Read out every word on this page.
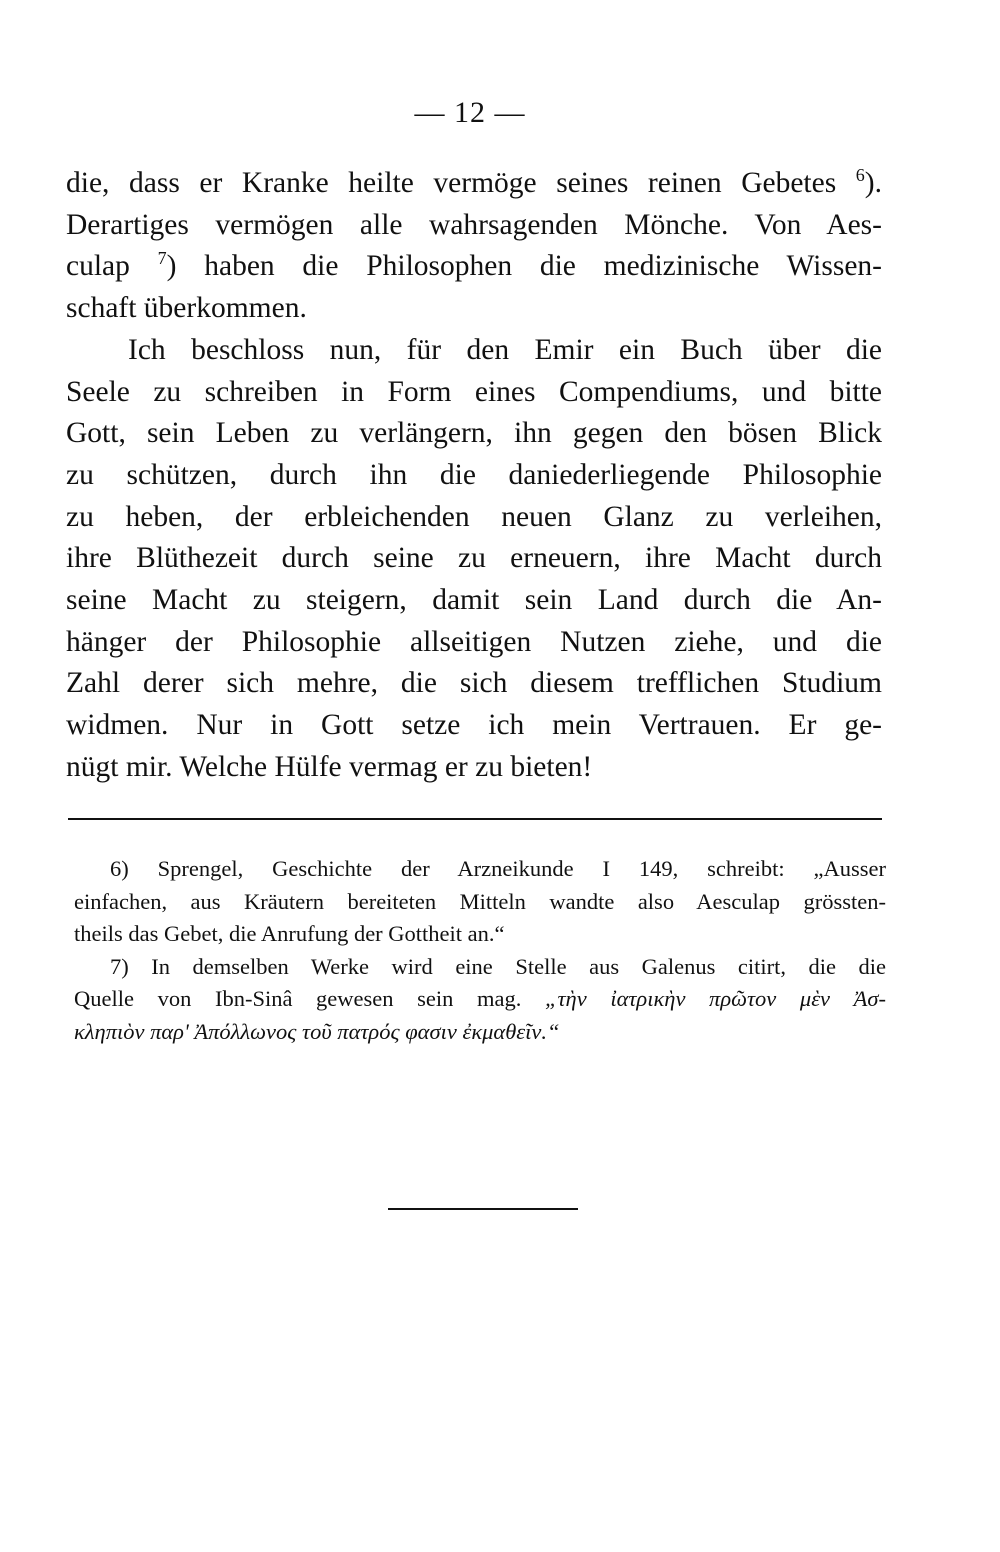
— 12 —
die, dass er Kranke heilte vermöge seines reinen Gebetes $^6$).
Derartiges vermögen alle wahrsagenden Mönche. Von Aes-
culap $^7$) haben die Philosophen die medizinische Wissen-
schaft überkommen.
Ich beschloss nun, für den Emir ein Buch über die
Seele zu schreiben in Form eines Compendiums, und bitte
Gott, sein Leben zu verlängern, ihn gegen den bösen Blick
zu schützen, durch ihn die daniederliegende Philosophie
zu heben, der erbleichenden neuen Glanz zu verleihen,
ihre Blüthezeit durch seine zu erneuern, ihre Macht durch
seine Macht zu steigern, damit sein Land durch die An-
hänger der Philosophie allseitigen Nutzen ziehe, und die
Zahl derer sich mehre, die sich diesem trefflichen Studium
widmen. Nur in Gott setze ich mein Vertrauen. Er ge-
nügt mir. Welche Hülfe vermag er zu bieten!
6) Sprengel, Geschichte der Arzneikunde I 149, schreibt: „Ausser
einfachen, aus Kräutern bereiteten Mitteln wandte also Aesculap grössten-
theils das Gebet, die Anrufung der Gottheit an.“
7) In demselben Werke wird eine Stelle aus Galenus citirt, die die
Quelle von Ibn-Sinâ gewesen sein mag. „τὴν ἰατρικὴν πρῶτον μὲν Ἀσ-
κληπιὸν παρ' Ἀπόλλωνος τοῦ πατρός φασιν ἐκμαθεῖν.“
